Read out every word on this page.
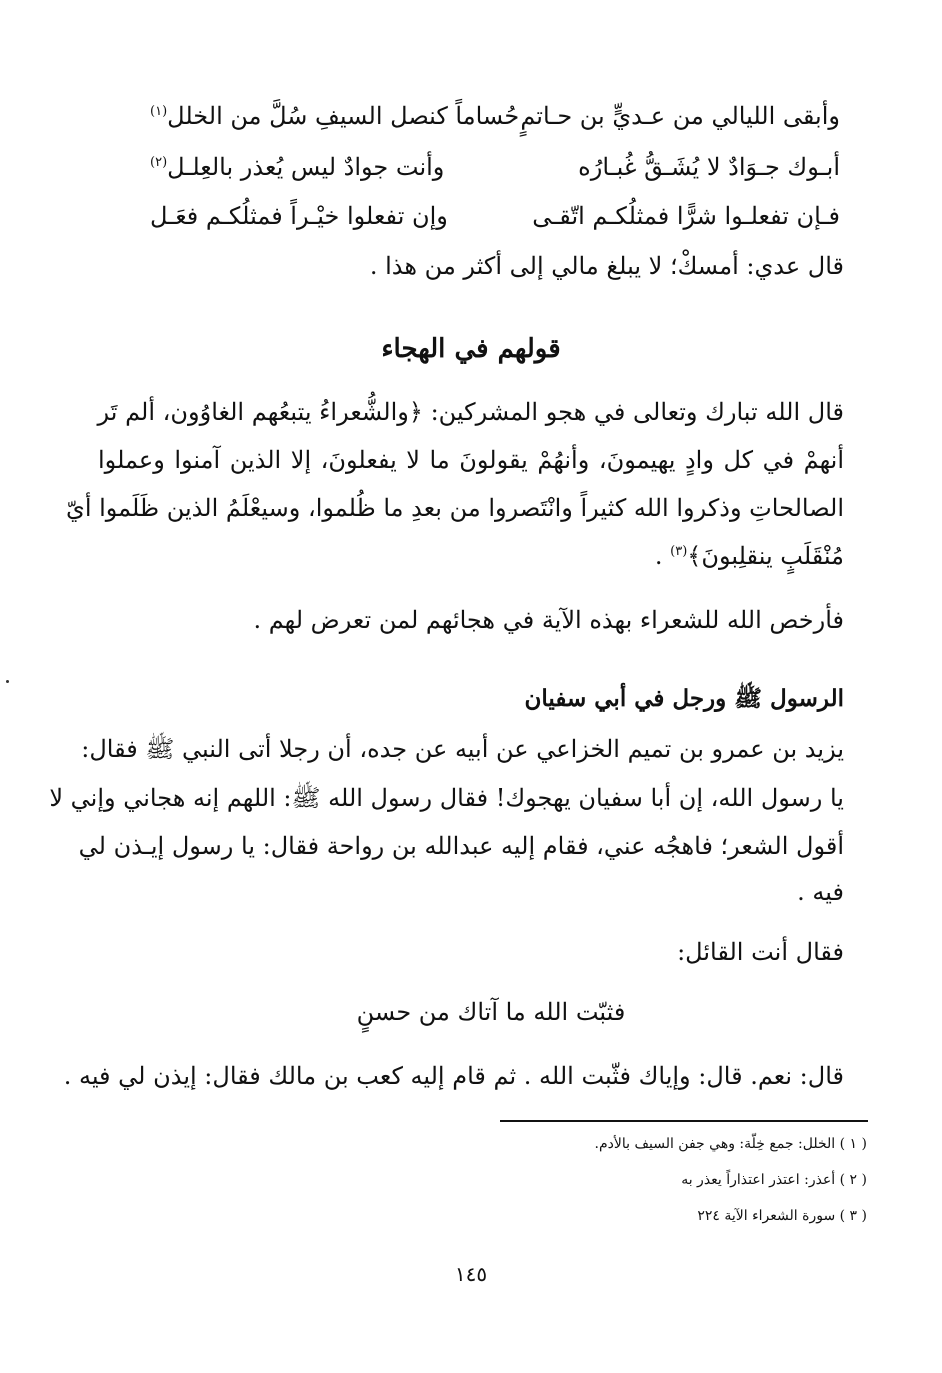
وأبقى الليالي من عـديٍّ بن حـاتمٍ
حُساماً كنصل السيفِ سُلَّ من الخلل$^{(١)}$
أبـوك جـوَادٌ لا يُشَـقُّ غُبـارُه
وأنت جوادٌ ليس يُعذر بالعِلـل$^{(٢)}$
فـإن تفعلـوا شرًّا فمثلُكـم اتّقـى
وإن تفعلوا خيْـراً فمثلُكـم فعَـل
قال عدي: أمسكْ؛ لا يبلغ مالي إلى أكثر من هذا .
قولهم في الهجاء
قال الله تبارك وتعالى في هجو المشركين: ﴿والشُّعراءُ يتبعُهم الغاوُون، ألم تَر
أنهمْ في كل وادٍ يهيمونَ، وأنهُمْ يقولونَ ما لا يفعلونَ، إلا الذين آمنوا وعملوا
الصالحاتِ وذكروا الله كثيراً وانْتَصروا من بعدِ ما ظُلموا، وسيعْلَمُ الذين ظَلَموا أيّ
مُنْقَلَبٍ ينقلِبونَ﴾$^{(٣)}$ .
فأرخص الله للشعراء بهذه الآية في هجائهم لمن تعرض لهم .
الرسول ﷺ ورجل في أبي سفيان
يزيد بن عمرو بن تميم الخزاعي عن أبيه عن جده، أن رجلا أتى النبي ﷺ فقال:
يا رسول الله، إن أبا سفيان يهجوك! فقال رسول الله ﷺ: اللهم إنه هجاني وإني لا
أقول الشعر؛ فاهجُه عني، فقام إليه عبدالله بن رواحة فقال: يا رسول إيـذن لي
فيه .
فقال أنت القائل:
فثبّت الله ما آتاك من حسنٍ
قال: نعم. قال: وإياك فثّبت الله . ثم قام إليه كعب بن مالك فقال: إيذن لي فيه .
( ١ ) الخلل: جمع خِلّة: وهي جفن السيف بالأدم.
( ٢ ) أعذر: اعتذر اعتذاراً يعذر به
( ٣ ) سورة الشعراء الآية ٢٢٤
١٤٥
